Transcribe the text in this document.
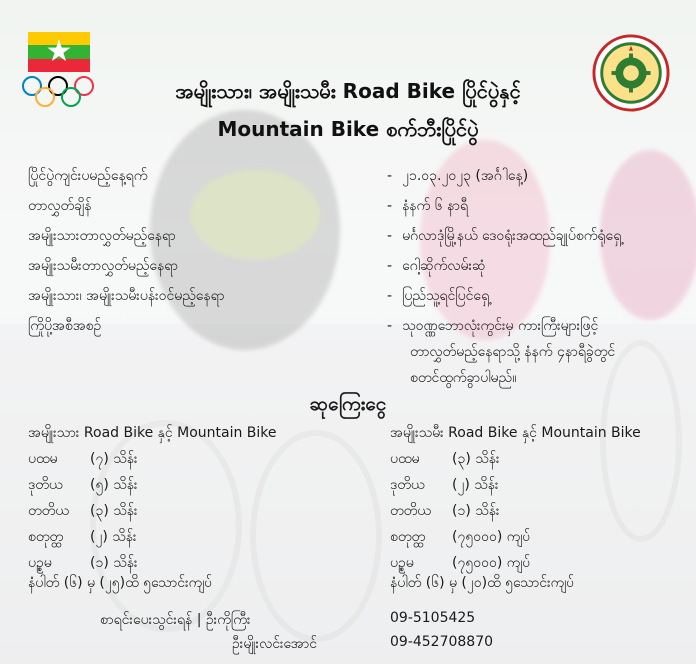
★
အမျိုးသား၊ အမျိုးသမီး Road Bike ပြိုင်ပွဲနှင့်
Mountain Bike စက်ဘီးပြိုင်ပွဲ
ပြိုင်ပွဲကျင်းပမည့်နေ့ရက်	- ၂၁.၀၃.၂၀၂၃ (အင်္ဂါနေ့)
တာလွှတ်ချိန်	- နံနက် ၆ နာရီ
အမျိုးသားတာလွှတ်မည့်နေရာ	- မင်္ဂလာဒုံမြို့နယ် ဒေဝရုံးအထည်ချုပ်စက်ရုံရှေ့
အမျိုးသမီးတာလွှတ်မည့်နေရာ	- ဂေါ့ဆိုက်လမ်းဆုံ
အမျိုးသား၊ အမျိုးသမီးပန်းဝင်မည့်နေရာ	- ပြည်သူ့ရင်ပြင်ရှေ့
ကြိုပို့အစီအစဉ်	- သုဝဏ္ဏဘောလုံးကွင်းမှ ကားကြီးများဖြင့်
တာလွှတ်မည့်နေရာသို့ နံနက် ၄နာရီခွဲတွင်
စတင်ထွက်ခွာပါမည်။
ဆုကြေးငွေ
အမျိုးသား Road Bike နှင့် Mountain Bike
ပထမ (၇) သိန်း
ဒုတိယ (၅) သိန်း
တတိယ (၃) သိန်း
စတုတ္ထ (၂) သိန်း
ပဉ္စမ	(၁) သိန်း
နံပါတ် (၆) မှ (၂၅)ထိ ၅သောင်းကျပ်
အမျိုးသမီး Road Bike နှင့် Mountain Bike
ပထမ (၃) သိန်း
ဒုတိယ (၂) သိန်း
တတိယ (၁) သိန်း
စတုတ္ထ (၇၅၀၀၀) ကျပ်
ပဉ္စမ	(၇၅၀၀၀) ကျပ်
နံပါတ် (၆) မှ (၂၀)ထိ ၅သောင်းကျပ်
စာရင်းပေးသွင်းရန် | ဦးကိုကြီး
ဦးမျိုးလင်းအောင်
09-5105425
09-452708870
